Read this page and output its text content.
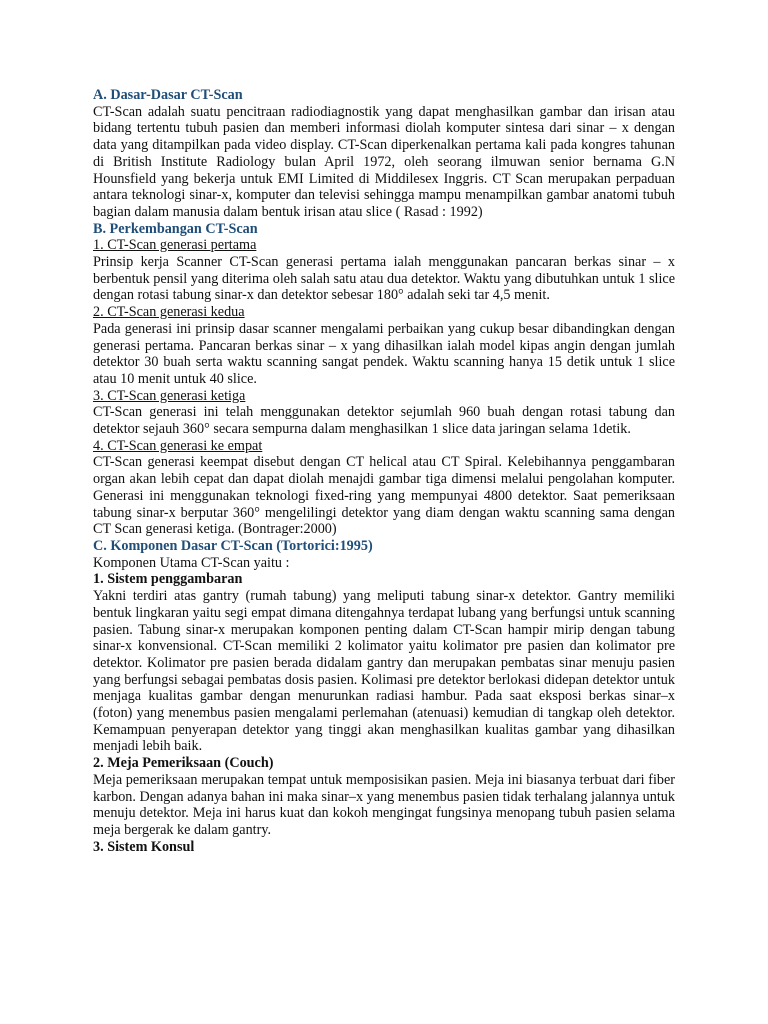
A. Dasar-Dasar CT-Scan

CT-Scan adalah suatu pencitraan radiodiagnostik yang dapat menghasilkan gambar dan irisan atau bidang tertentu tubuh pasien dan memberi informasi diolah komputer sintesa dari sinar – x dengan data yang ditampilkan pada video display. CT-Scan diperkenalkan pertama kali pada kongres tahunan di British Institute Radiology bulan April 1972, oleh seorang ilmuwan senior bernama G.N Hounsfield yang bekerja untuk EMI Limited di Middilesex Inggris. CT Scan merupakan perpaduan antara teknologi sinar-x, komputer dan televisi sehingga mampu menampilkan gambar anatomi tubuh bagian dalam manusia dalam bentuk irisan atau slice ( Rasad : 1992)

B. Perkembangan CT-Scan

1. CT-Scan generasi pertama

Prinsip kerja Scanner CT-Scan generasi pertama ialah menggunakan pancaran berkas sinar – x berbentuk pensil yang diterima oleh salah satu atau dua detektor. Waktu yang dibutuhkan untuk 1 slice dengan rotasi tabung sinar-x dan detektor sebesar 180° adalah seki tar 4,5 menit.

2. CT-Scan generasi kedua

Pada generasi ini prinsip dasar scanner mengalami perbaikan yang cukup besar dibandingkan dengan generasi pertama. Pancaran berkas sinar – x yang dihasilkan ialah model kipas angin dengan jumlah detektor 30 buah serta waktu scanning sangat pendek. Waktu scanning hanya 15 detik untuk 1 slice atau 10 menit untuk 40 slice.

3. CT-Scan generasi ketiga

CT-Scan generasi ini telah menggunakan detektor sejumlah 960 buah dengan rotasi tabung dan detektor sejauh 360° secara sempurna dalam menghasilkan 1 slice data jaringan selama 1detik.

4. CT-Scan generasi ke empat

CT-Scan generasi keempat disebut dengan CT helical atau CT Spiral. Kelebihannya penggambaran organ akan lebih cepat dan dapat diolah menajdi gambar tiga dimensi melalui pengolahan komputer. Generasi ini menggunakan teknologi fixed-ring yang mempunyai 4800 detektor. Saat pemeriksaan tabung sinar-x berputar 360° mengelilingi detektor yang diam dengan waktu scanning sama dengan CT Scan generasi ketiga. (Bontrager:2000)

C. Komponen Dasar CT-Scan (Tortorici:1995)

Komponen Utama CT-Scan yaitu :

1. Sistem penggambaran

Yakni terdiri atas gantry (rumah tabung) yang meliputi tabung sinar-x detektor. Gantry memiliki bentuk lingkaran yaitu segi empat dimana ditengahnya terdapat lubang yang berfungsi untuk scanning pasien. Tabung sinar-x merupakan komponen penting dalam CT-Scan hampir mirip dengan tabung sinar-x konvensional. CT-Scan memiliki 2 kolimator yaitu kolimator pre pasien dan kolimator pre detektor. Kolimator pre pasien berada didalam gantry dan merupakan pembatas sinar menuju pasien yang berfungsi sebagai pembatas dosis pasien. Kolimasi pre detektor berlokasi didepan detektor untuk menjaga kualitas gambar dengan menurunkan radiasi hambur. Pada saat eksposi berkas sinar–x (foton) yang menembus pasien mengalami perlemahan (atenuasi) kemudian di tangkap oleh detektor. Kemampuan penyerapan detektor yang tinggi akan menghasilkan kualitas gambar yang dihasilkan menjadi lebih baik.

2. Meja Pemeriksaan (Couch)

Meja pemeriksaan merupakan tempat untuk memposisikan pasien. Meja ini biasanya terbuat dari fiber karbon. Dengan adanya bahan ini maka sinar–x yang menembus pasien tidak terhalang jalannya untuk menuju detektor. Meja ini harus kuat dan kokoh mengingat fungsinya menopang tubuh pasien selama meja bergerak ke dalam gantry.

3. Sistem Konsul
